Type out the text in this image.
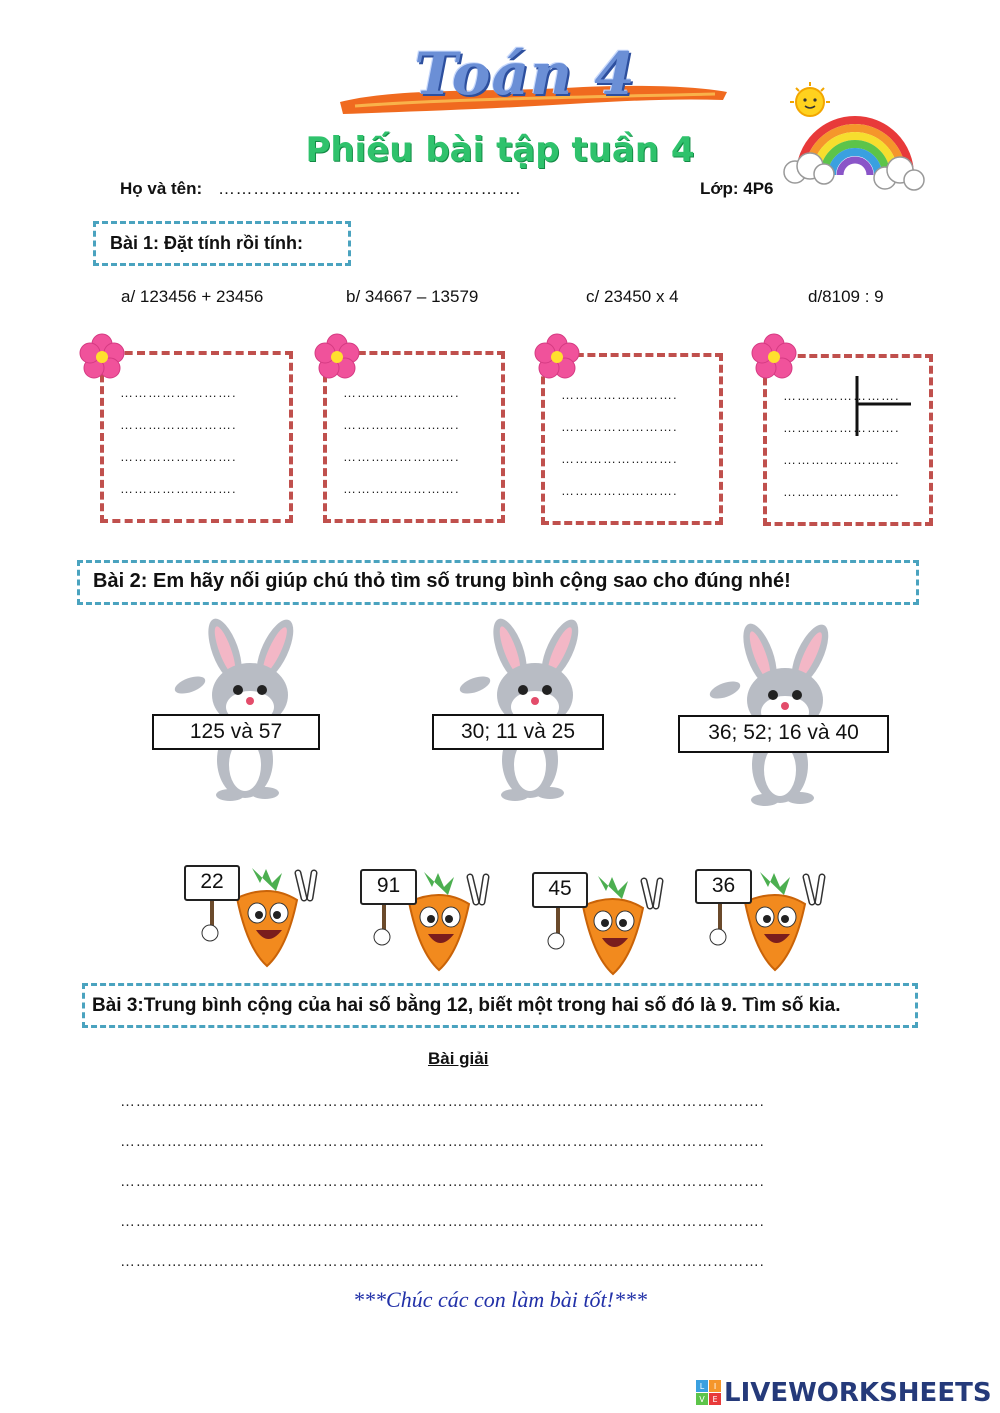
Toán 4
Phiếu bài tập tuần 4
Họ và tên: …………………………………………….	Lớp: 4P6
Bài 1: Đặt tính rồi tính:
a/ 123456 + 23456	b/ 34667 – 13579	c/ 23450 x 4	d/8109 : 9
…………………….
…………………….
…………………….
…………………….
…………………….
…………………….
…………………….
…………………….
…………………….
…………………….
…………………….
…………………….
…………………….
…………………….
…………………….
…………………….
Bài 2: Em hãy nối giúp chú thỏ tìm số trung bình cộng sao cho đúng nhé!
125 và 57	30; 11 và 25	36; 52; 16 và 40
22	91	45	36
Bài 3:Trung bình cộng của hai số bằng 12, biết một trong hai số đó là 9. Tìm số kia.
Bài giải
…………………………………………………………………………………………………………….
…………………………………………………………………………………………………………….
…………………………………………………………………………………………………………….
…………………………………………………………………………………………………………….
…………………………………………………………………………………………………………….
***Chúc các con làm bài tốt!***
L I
V E LIVEWORKSHEETS
